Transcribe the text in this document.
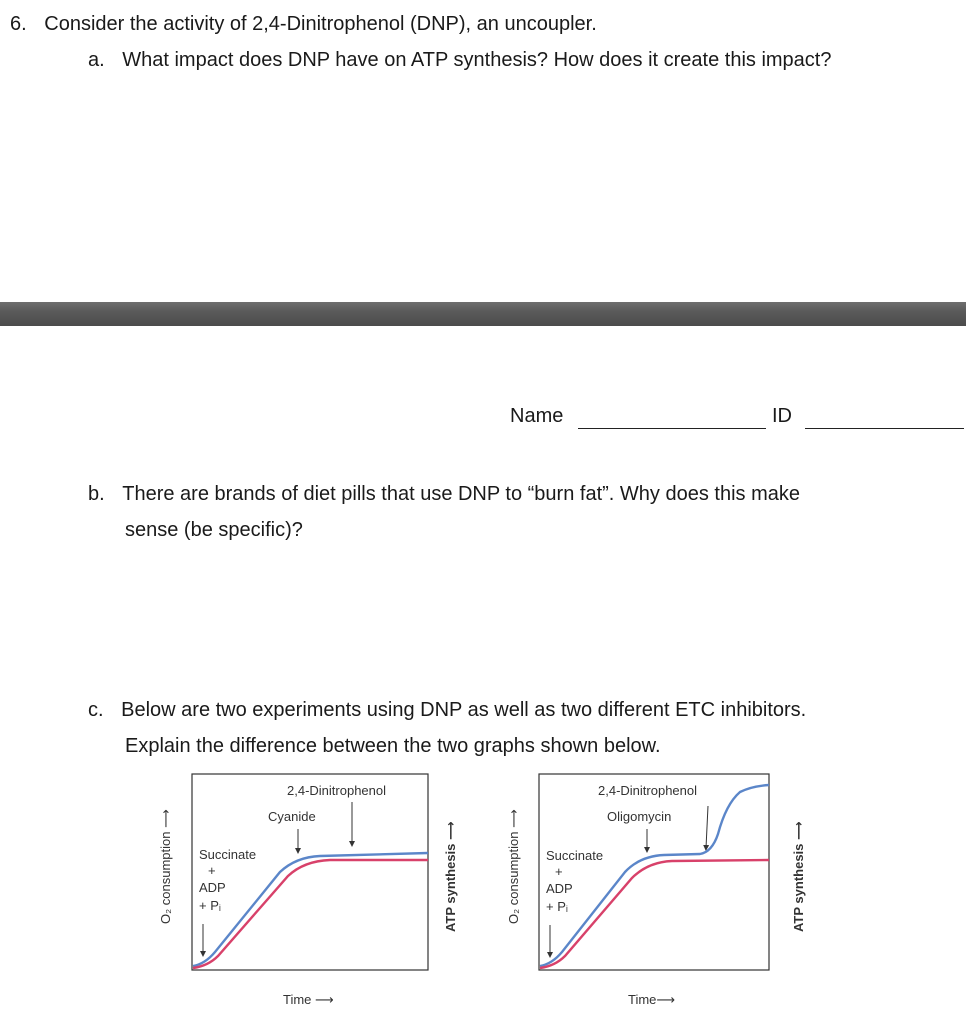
6. Consider the activity of 2,4-Dinitrophenol (DNP), an uncoupler.
a. What impact does DNP have on ATP synthesis? How does it create this impact?
Name	ID
b. There are brands of diet pills that use DNP to “burn fat”. Why does this make
sense (be specific)?
c. Below are two experiments using DNP as well as two different ETC inhibitors.
Explain the difference between the two graphs shown below.
O₂ consumption ⟶	ATP synthesis ⟶
Time ⟶
2,4-Dinitrophenol
Cyanide
Succinate
+
ADP
+ Pᵢ	O₂ consumption ⟶	ATP synthesis ⟶
Time⟶
2,4-Dinitrophenol
Oligomycin
Succinate
+
ADP
+ Pᵢ
